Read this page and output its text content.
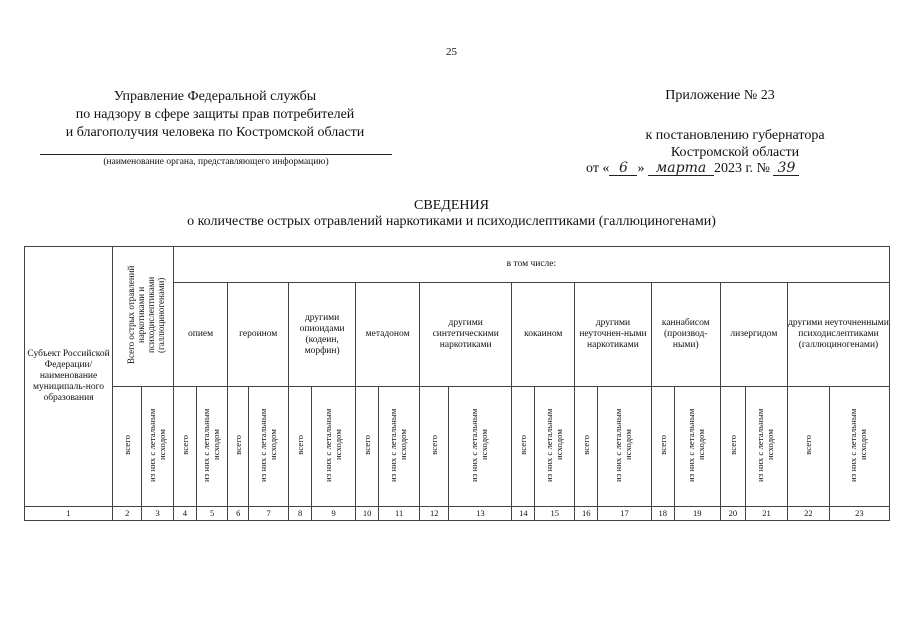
25
Управление Федеральной службы
по надзору в сфере защиты прав потребителей
и благополучия человека по Костромской области
(наименование органа, представляющего информацию)
Приложение № 23
к постановлению губернатора
Костромской области
от « 6 » марта 2023 г. № 39
СВЕДЕНИЯ
о количестве острых отравлений наркотиками и психодислептиками (галлюциногенами)
Субъект Российской Федерации/ наименование муниципаль-ного образования	Всего острых отравлений наркотиками и психодислептиками (галлюциногенами)		в том числе:																			
			опием		героином		другими опиоидами (кодеин, морфин)		метадоном		другими синтетическими наркотиками		кокаином		другими неуточнен-ными наркотиками		каннабисом (производ-ными)		лизергидом		другими неуточненными психодислептиками (галлюциногенами)	
	всего	из них с летальным исходом	всего	из них с летальным исходом	всего	из них с летальным исходом	всего	из них с летальным исходом	всего	из них с летальным исходом	всего	из них с летальным исходом	всего	из них с летальным исходом	всего	из них с летальным исходом	всего	из них с летальным исходом	всего	из них с летальным исходом	всего	из них с летальным исходом
1	2	3	4	5	6	7	8	9	10	11	12	13	14	15	16	17	18	19	20	21	22	23
